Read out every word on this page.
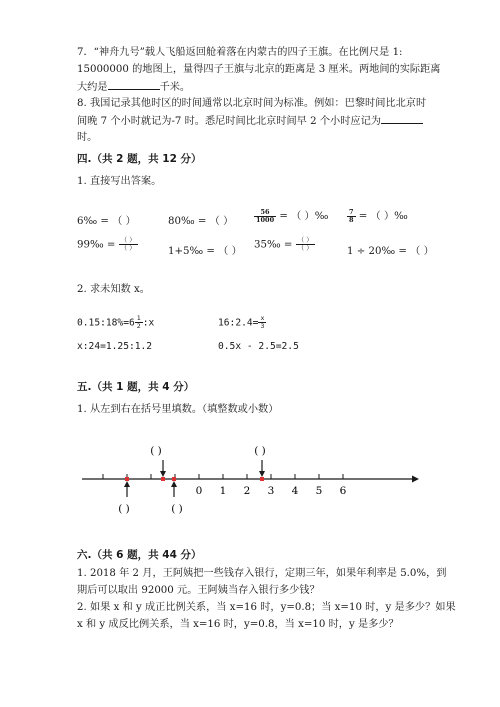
7．“神舟九号”载人飞船返回舱着落在内蒙古的四子王旗。在比例尺是 1:
15000000 的地图上，量得四子王旗与北京的距离是 3 厘米。两地间的实际距离
大约是	千米。
8. 我国记录其他时区的时间通常以北京时间为标准。例如：巴黎时间比北京时
间晚 7 个小时就记为-7 时。悉尼时间比北京时间早 2 个小时应记为
时。
四.（共 2 题，共 12 分）
1. 直接写出答案。
6‰ = （ ）	80‰ = （ ）	$\frac{56}{1000}$ = （ ）‰	$\frac{7}{8}$ = （ ）‰
99‰ = $\frac{( )}{( )}$	1+5‰ = （ ）
35‰ = $\frac{( )}{( )}$	1 ÷ 20‰ = （ ）
2. 求未知数 x。
0.15:18%=6 $\frac{1}{2}$ :x	16:2.4= $\frac{x}{3}$
x:24=1.25:1.2	0.5x - 2.5=2.5
五.（共 1 题，共 4 分）
1. 从左到右在括号里填数。（填整数或小数）
( )	( )
0 1 2 3 4 5 6
( )	( )
六.（共 6 题，共 44 分）
1. 2018 年 2 月，王阿姨把一些钱存入银行，定期三年，如果年利率是 5.0%，到
期后可以取出 92000 元。王阿姨当存入银行多少钱？
2. 如果 x 和 y 成正比例关系，当 x=16 时，y=0.8；当 x=10 时，y 是多少？如果
x 和 y 成反比例关系，当 x=16 时，y=0.8，当 x=10 时，y 是多少？
